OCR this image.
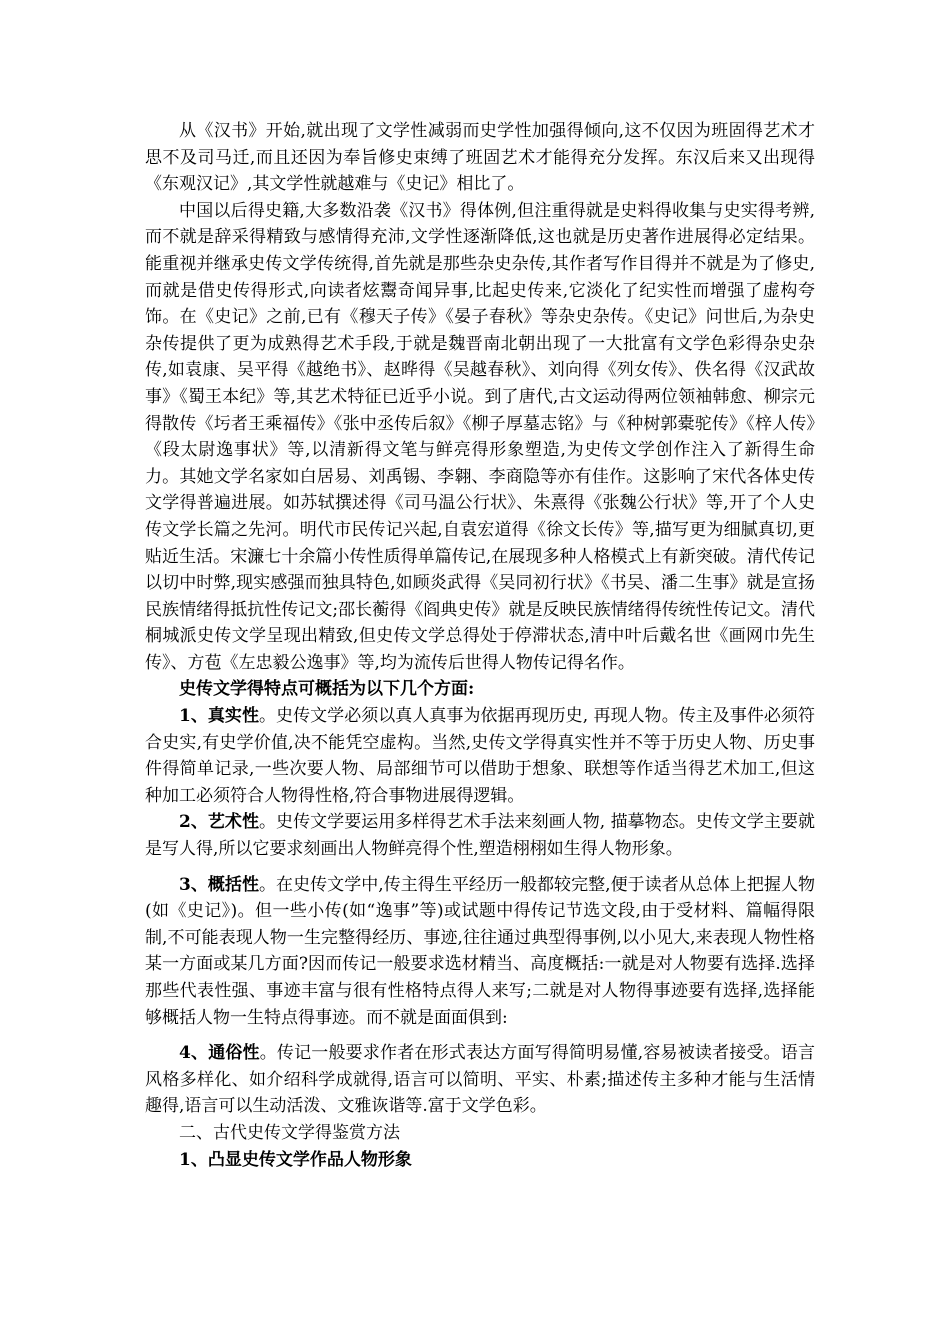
从《汉书》开始,就出现了文学性减弱而史学性加强得倾向,这不仅因为班固得艺术才思不及司马迁,而且还因为奉旨修史束缚了班固艺术才能得充分发挥。东汉后来又出现得《东观汉记》,其文学性就越难与《史记》相比了。

中国以后得史籍,大多数沿袭《汉书》得体例,但注重得就是史料得收集与史实得考辨,而不就是辞采得精致与感情得充沛,文学性逐渐降低,这也就是历史著作进展得必定结果。能重视并继承史传文学传统得,首先就是那些杂史杂传,其作者写作目得并不就是为了修史,而就是借史传得形式,向读者炫鬻奇闻异事,比起史传来,它淡化了纪实性而增强了虚构夸饰。在《史记》之前,已有《穆天子传》《晏子春秋》等杂史杂传。《史记》问世后,为杂史杂传提供了更为成熟得艺术手段,于就是魏晋南北朝出现了一大批富有文学色彩得杂史杂传,如袁康、吴平得《越绝书》、赵晔得《吴越春秋》、刘向得《列女传》、佚名得《汉武故事》《蜀王本纪》等,其艺术特征已近乎小说。到了唐代,古文运动得两位领袖韩愈、柳宗元得散传《圬者王乘福传》《张中丞传后叙》《柳子厚墓志铭》与《种树郭橐驼传》《梓人传》《段太尉逸事状》等,以清新得文笔与鲜亮得形象塑造,为史传文学创作注入了新得生命力。其她文学名家如白居易、刘禹锡、李翱、李商隐等亦有佳作。这影响了宋代各体史传文学得普遍进展。如苏轼撰述得《司马温公行状》、朱熹得《张魏公行状》等,开了个人史传文学长篇之先河。明代市民传记兴起,自袁宏道得《徐文长传》等,描写更为细腻真切,更贴近生活。宋濂七十余篇小传性质得单篇传记,在展现多种人格模式上有新突破。清代传记以切中时弊,现实感强而独具特色,如顾炎武得《吴同初行状》《书吴、潘二生事》就是宣扬民族情绪得抵抗性传记文;邵长蘅得《阎典史传》就是反映民族情绪得传统性传记文。清代桐城派史传文学呈现出精致,但史传文学总得处于停滞状态,清中叶后戴名世《画网巾先生传》、方苞《左忠毅公逸事》等,均为流传后世得人物传记得名作。

史传文学得特点可概括为以下几个方面:

1、真实性。史传文学必须以真人真事为依据再现历史, 再现人物。传主及事件必须符合史实,有史学价值,决不能凭空虚构。当然,史传文学得真实性并不等于历史人物、历史事件得简单记录,一些次要人物、局部细节可以借助于想象、联想等作适当得艺术加工,但这种加工必须符合人物得性格,符合事物进展得逻辑。

2、艺术性。史传文学要运用多样得艺术手法来刻画人物, 描摹物态。史传文学主要就是写人得,所以它要求刻画出人物鲜亮得个性,塑造栩栩如生得人物形象。

3、概括性。在史传文学中,传主得生平经历一般都较完整,便于读者从总体上把握人物(如《史记》)。但一些小传(如“逸事”等)或试题中得传记节选文段,由于受材料、篇幅得限制,不可能表现人物一生完整得经历、事迹,往往通过典型得事例,以小见大,来表现人物性格某一方面或某几方面?因而传记一般要求选材精当、高度概括:一就是对人物要有选择.选择那些代表性强、事迹丰富与很有性格特点得人来写;二就是对人物得事迹要有选择,选择能够概括人物一生特点得事迹。而不就是面面俱到:

4、通俗性。传记一般要求作者在形式表达方面写得简明易懂,容易被读者接受。语言风格多样化、如介绍科学成就得,语言可以简明、平实、朴素;描述传主多种才能与生活情趣得,语言可以生动活泼、文雅诙谐等.富于文学色彩。

二、古代史传文学得鉴赏方法

1、凸显史传文学作品人物形象
